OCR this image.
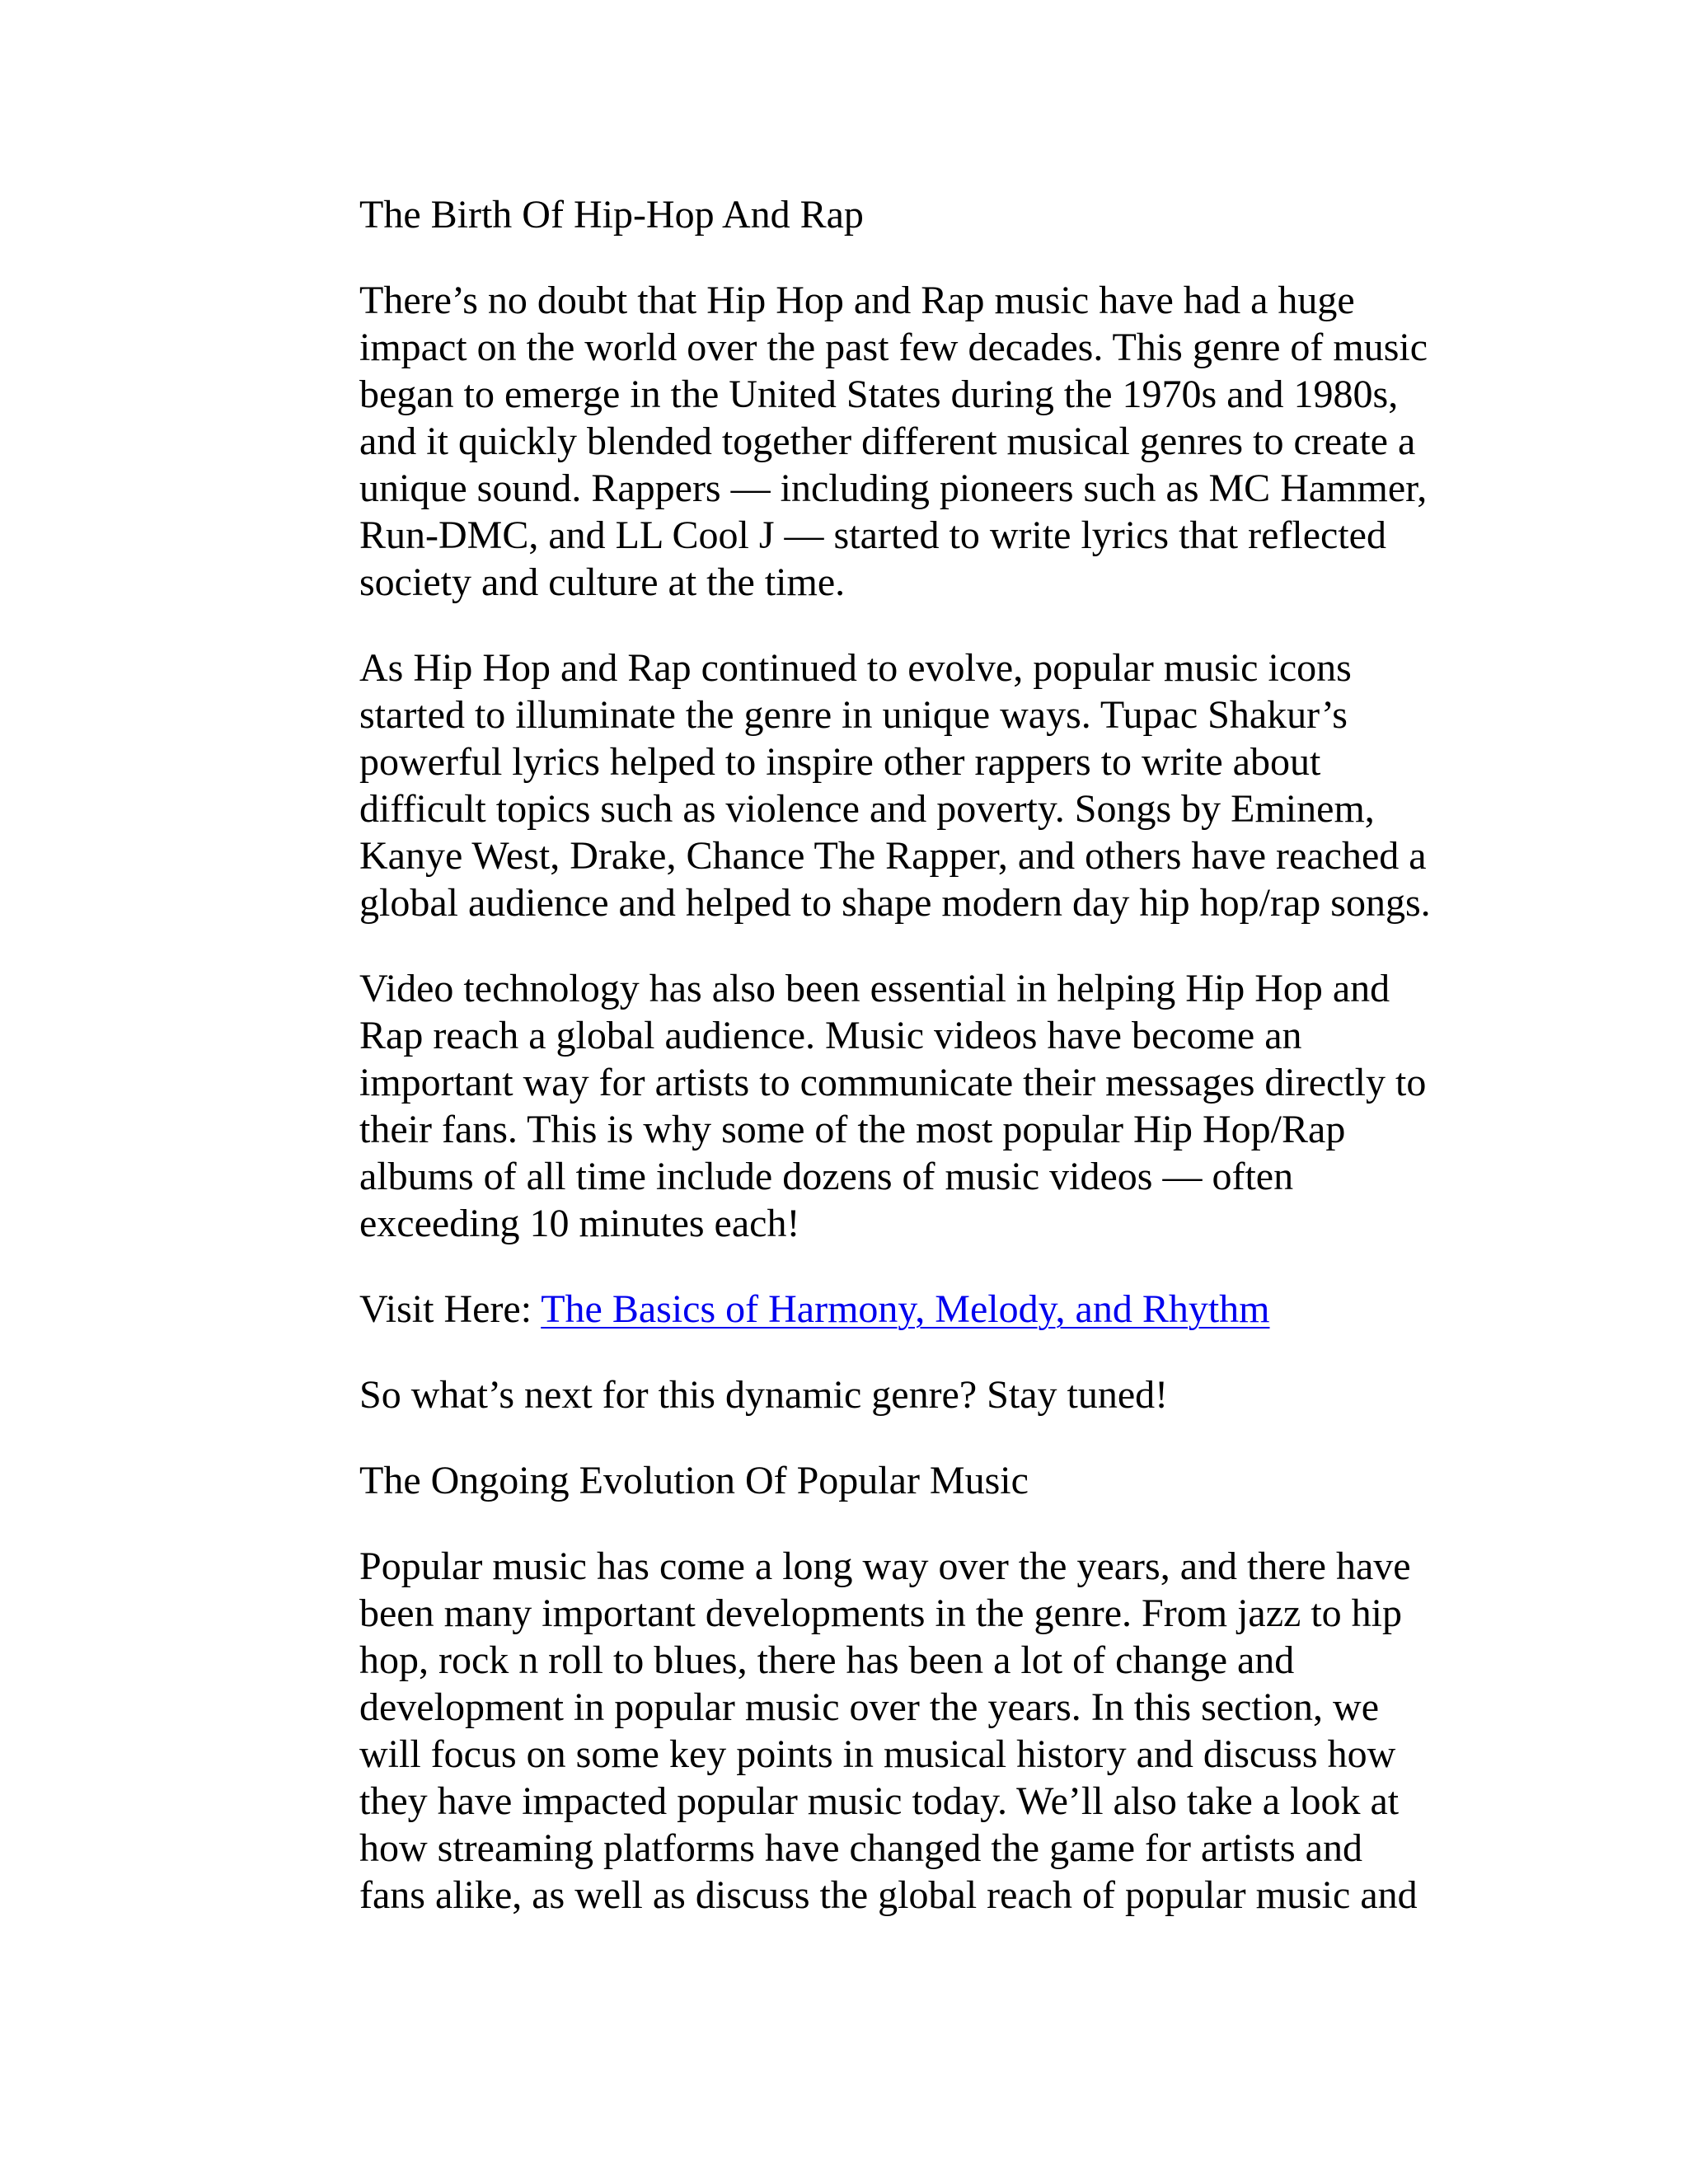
The Birth Of Hip-Hop And Rap
There’s no doubt that Hip Hop and Rap music have had a huge
impact on the world over the past few decades. This genre of music
began to emerge in the United States during the 1970s and 1980s,
and it quickly blended together different musical genres to create a
unique sound. Rappers — including pioneers such as MC Hammer,
Run-DMC, and LL Cool J — started to write lyrics that reflected
society and culture at the time.
As Hip Hop and Rap continued to evolve, popular music icons
started to illuminate the genre in unique ways. Tupac Shakur’s
powerful lyrics helped to inspire other rappers to write about
difficult topics such as violence and poverty. Songs by Eminem,
Kanye West, Drake, Chance The Rapper, and others have reached a
global audience and helped to shape modern day hip hop/rap songs.
Video technology has also been essential in helping Hip Hop and
Rap reach a global audience. Music videos have become an
important way for artists to communicate their messages directly to
their fans. This is why some of the most popular Hip Hop/Rap
albums of all time include dozens of music videos — often
exceeding 10 minutes each!
Visit Here: The Basics of Harmony, Melody, and Rhythm
So what’s next for this dynamic genre? Stay tuned!
The Ongoing Evolution Of Popular Music
Popular music has come a long way over the years, and there have
been many important developments in the genre. From jazz to hip
hop, rock n roll to blues, there has been a lot of change and
development in popular music over the years. In this section, we
will focus on some key points in musical history and discuss how
they have impacted popular music today. We’ll also take a look at
how streaming platforms have changed the game for artists and
fans alike, as well as discuss the global reach of popular music and
